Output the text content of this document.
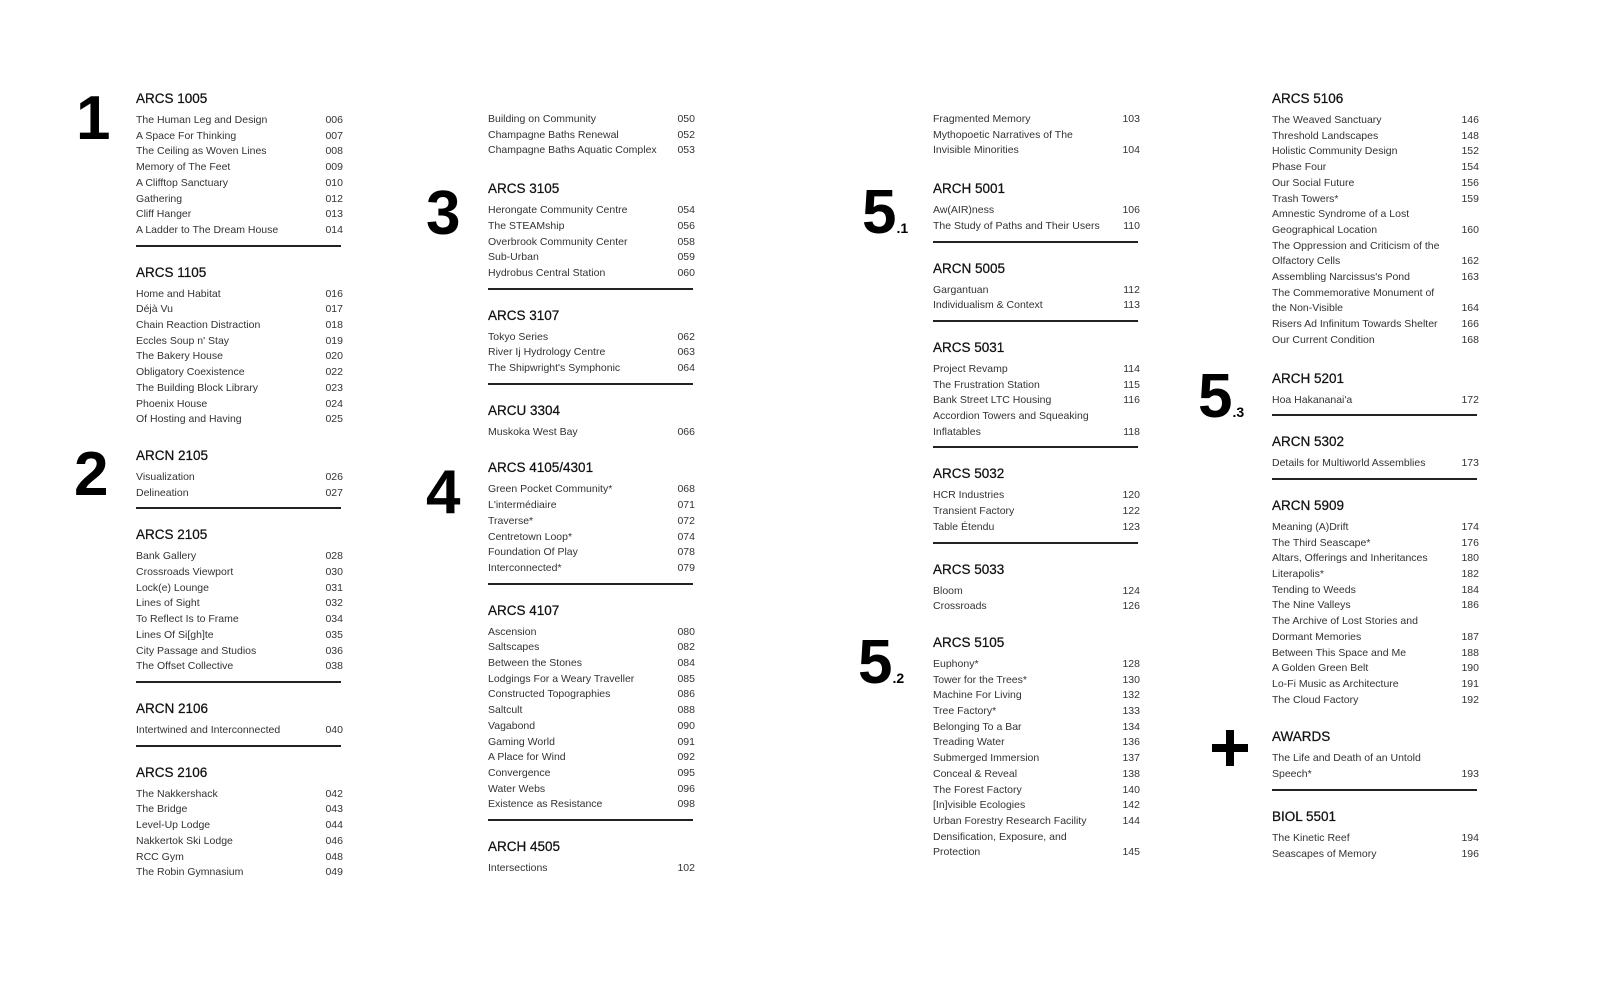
1
2
3
4
5.1
5.2
5.3
ARCS 1005
The Human Leg and Design	006
A Space For Thinking	007
The Ceiling as Woven Lines	008
Memory of The Feet	009
A Clifftop Sanctuary	010
Gathering	012
Cliff Hanger	013
A Ladder to The Dream House	014
ARCS 1105
Home and Habitat	016
Déjà Vu	017
Chain Reaction Distraction	018
Eccles Soup n' Stay	019
The Bakery House	020
Obligatory Coexistence	022
The Building Block Library	023
Phoenix House	024
Of Hosting and Having	025
ARCN 2105
Visualization	026
Delineation	027
ARCS 2105
Bank Gallery	028
Crossroads Viewport	030
Lock(e) Lounge	031
Lines of Sight	032
To Reflect Is to Frame	034
Lines Of Si[gh]te	035
City Passage and Studios	036
The Offset Collective	038
ARCN 2106
Intertwined and Interconnected	040
ARCS 2106
The Nakkershack	042
The Bridge	043
Level-Up Lodge	044
Nakkertok Ski Lodge	046
RCC Gym	048
The Robin Gymnasium	049
Building on Community	050
Champagne Baths Renewal	052
Champagne Baths Aquatic Complex	053
ARCS 3105
Herongate Community Centre	054
The STEAMship	056
Overbrook Community Center	058
Sub-Urban	059
Hydrobus Central Station	060
ARCS 3107
Tokyo Series	062
River Ij Hydrology Centre	063
The Shipwright's Symphonic	064
ARCU 3304
Muskoka West Bay	066
ARCS 4105/4301
Green Pocket Community*	068
L'intermédiaire	071
Traverse*	072
Centretown Loop*	074
Foundation Of Play	078
Interconnected*	079
ARCS 4107
Ascension	080
Saltscapes	082
Between the Stones	084
Lodgings For a Weary Traveller	085
Constructed Topographies	086
Saltcult	088
Vagabond	090
Gaming World	091
A Place for Wind	092
Convergence	095
Water Webs	096
Existence as Resistance	098
ARCH 4505
Intersections	102
Fragmented Memory	103
Mythopoetic Narratives of The
Invisible Minorities	104
ARCH 5001
Aw(AIR)ness	106
The Study of Paths and Their Users	110
ARCN 5005
Gargantuan	112
Individualism & Context	113
ARCS 5031
Project Revamp	114
The Frustration Station	115
Bank Street LTC Housing	116
Accordion Towers and Squeaking
Inflatables	118
ARCS 5032
HCR Industries	120
Transient Factory	122
Table Étendu	123
ARCS 5033
Bloom	124
Crossroads	126
ARCS 5105
Euphony*	128
Tower for the Trees*	130
Machine For Living	132
Tree Factory*	133
Belonging To a Bar	134
Treading Water	136
Submerged Immersion	137
Conceal & Reveal	138
The Forest Factory	140
[In]visible Ecologies	142
Urban Forestry Research Facility	144
Densification, Exposure, and
Protection	145
ARCS 5106
The Weaved Sanctuary	146
Threshold Landscapes	148
Holistic Community Design	152
Phase Four	154
Our Social Future	156
Trash Towers*	159
Amnestic Syndrome of a Lost
Geographical Location	160
The Oppression and Criticism of the
Olfactory Cells	162
Assembling Narcissus's Pond	163
The Commemorative Monument of
the Non-Visible	164
Risers Ad Infinitum Towards Shelter	166
Our Current Condition	168
ARCH 5201
Hoa Hakananai'a	172
ARCN 5302
Details for Multiworld Assemblies	173
ARCN 5909
Meaning (A)Drift	174
The Third Seascape*	176
Altars, Offerings and Inheritances	180
Literapolis*	182
Tending to Weeds	184
The Nine Valleys	186
The Archive of Lost Stories and
Dormant Memories	187
Between This Space and Me	188
A Golden Green Belt	190
Lo-Fi Music as Architecture	191
The Cloud Factory	192
AWARDS
The Life and Death of an Untold
Speech*	193
BIOL 5501
The Kinetic Reef	194
Seascapes of Memory	196
